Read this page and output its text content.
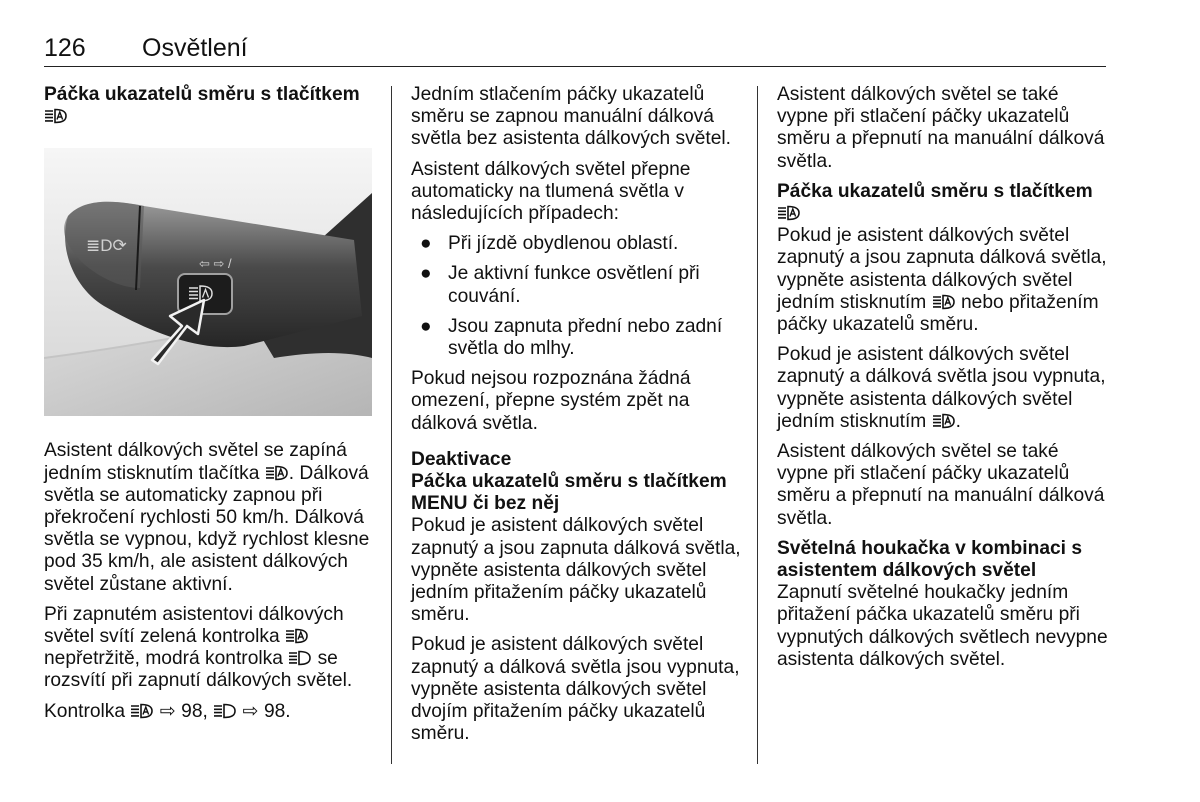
126 Osvětlení
Páčka ukazatelů směru s tlačítkem

≣D⟳
⇦ ⇨ /

Asistent dálkových světel se zapíná jedním stisknutím tlačítka . Dálková světla se automaticky zapnou při překročení rychlosti 50 km/h. Dálková světla se vypnou, když rychlost klesne pod 35 km/h, ale asistent dálkových světel zůstane aktivní.

Při zapnutém asistentovi dálkových světel svítí zelená kontrolka  nepřetržitě, modrá kontrolka se rozsvítí při zapnutí dálkových světel.

Kontrolka ⇨ 98, ⇨ 98.

Jedním stlačením páčky ukazatelů směru se zapnou manuální dálková světla bez asistenta dálkových světel.

Asistent dálkových světel přepne automaticky na tlumená světla v následujících případech:

● Při jízdě obydlenou oblastí.
● Je aktivní funkce osvětlení při couvání.
● Jsou zapnuta přední nebo zadní světla do mlhy.

Pokud nejsou rozpoznána žádná omezení, přepne systém zpět na dálková světla.

Deaktivace
Páčka ukazatelů směru s tlačítkem MENU či bez něj

Pokud je asistent dálkových světel zapnutý a jsou zapnuta dálková světla, vypněte asistenta dálkových světel jedním přitažením páčky ukazatelů směru.

Pokud je asistent dálkových světel zapnutý a dálková světla jsou vypnuta, vypněte asistenta dálkových světel dvojím přitažením páčky ukazatelů směru.

Asistent dálkových světel se také vypne při stlačení páčky ukazatelů směru a přepnutí na manuální dálková světla.

Páčka ukazatelů směru s tlačítkem

Pokud je asistent dálkových světel zapnutý a jsou zapnuta dálková světla, vypněte asistenta dálkových světel jedním stisknutím nebo přitažením páčky ukazatelů směru.

Pokud je asistent dálkových světel zapnutý a dálková světla jsou vypnuta, vypněte asistenta dálkových světel jedním stisknutím .

Asistent dálkových světel se také vypne při stlačení páčky ukazatelů směru a přepnutí na manuální dálková světla.

Světelná houkačka v kombinaci s asistentem dálkových světel

Zapnutí světelné houkačky jedním přitažení páčka ukazatelů směru při vypnutých dálkových světlech nevypne asistenta dálkových světel.
